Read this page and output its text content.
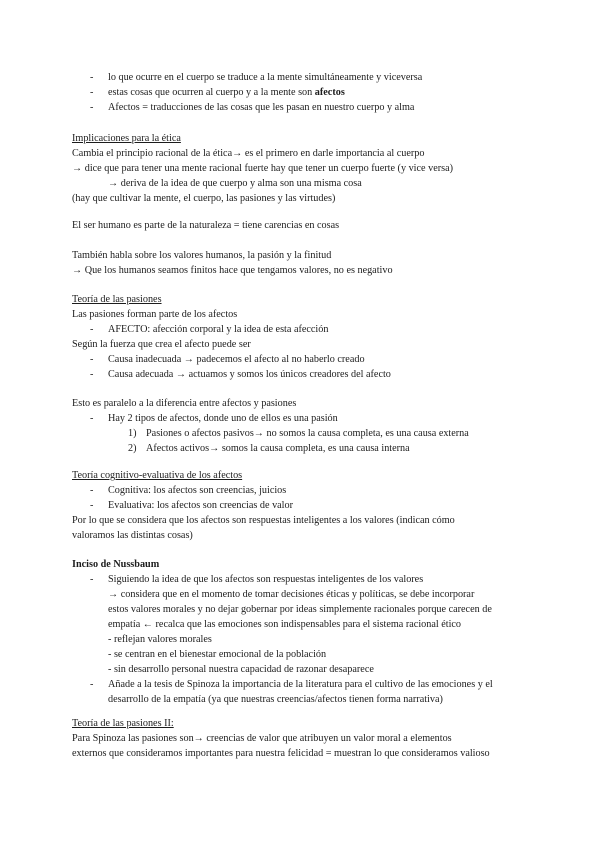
- lo que ocurre en el cuerpo se traduce a la mente simultáneamente y viceversa
- estas cosas que ocurren al cuerpo y a la mente son afectos
- Afectos = traducciones de las cosas que les pasan en nuestro cuerpo y alma
Implicaciones para la ética
Cambia el principio racional de la ética→ es el primero en darle importancia al cuerpo
→ dice que para tener una mente racional fuerte hay que tener un cuerpo fuerte (y vice versa)
→ deriva de la idea de que cuerpo y alma son una misma cosa
(hay que cultivar la mente, el cuerpo, las pasiones y las virtudes)
El ser humano es parte de la naturaleza = tiene carencias en cosas
También habla sobre los valores humanos, la pasión y la finitud
→ Que los humanos seamos finitos hace que tengamos valores, no es negativo
Teoría de las pasiones
Las pasiones forman parte de los afectos
- AFECTO: afección corporal y la idea de esta afección
Según la fuerza que crea el afecto puede ser
- Causa inadecuada → padecemos el afecto al no haberlo creado
- Causa adecuada → actuamos y somos los únicos creadores del afecto
Esto es paralelo a la diferencia entre afectos y pasiones
- Hay 2 tipos de afectos, donde uno de ellos es una pasión
1) Pasiones o afectos pasivos→ no somos la causa completa, es una causa externa
2) Afectos activos→ somos la causa completa, es una causa interna
Teoría cognitivo-evaluativa de los afectos
- Cognitiva: los afectos son creencias, juicios
- Evaluativa: los afectos son creencias de valor
Por lo que se considera que los afectos son respuestas inteligentes a los valores (indican cómo
valoramos las distintas cosas)
Inciso de Nussbaum
- Siguiendo la idea de que los afectos son respuestas inteligentes de los valores
→ considera que en el momento de tomar decisiones éticas y políticas, se debe incorporar
estos valores morales y no dejar gobernar por ideas simplemente racionales porque carecen de
empatía ← recalca que las emociones son indispensables para el sistema racional ético
- reflejan valores morales
- se centran en el bienestar emocional de la población
- sin desarrollo personal nuestra capacidad de razonar desaparece
- Añade a la tesis de Spinoza la importancia de la literatura para el cultivo de las emociones y el
desarrollo de la empatía (ya que nuestras creencias/afectos tienen forma narrativa)
Teoría de las pasiones II:
Para Spinoza las pasiones son→ creencias de valor que atribuyen un valor moral a elementos
externos que consideramos importantes para nuestra felicidad = muestran lo que consideramos valioso
